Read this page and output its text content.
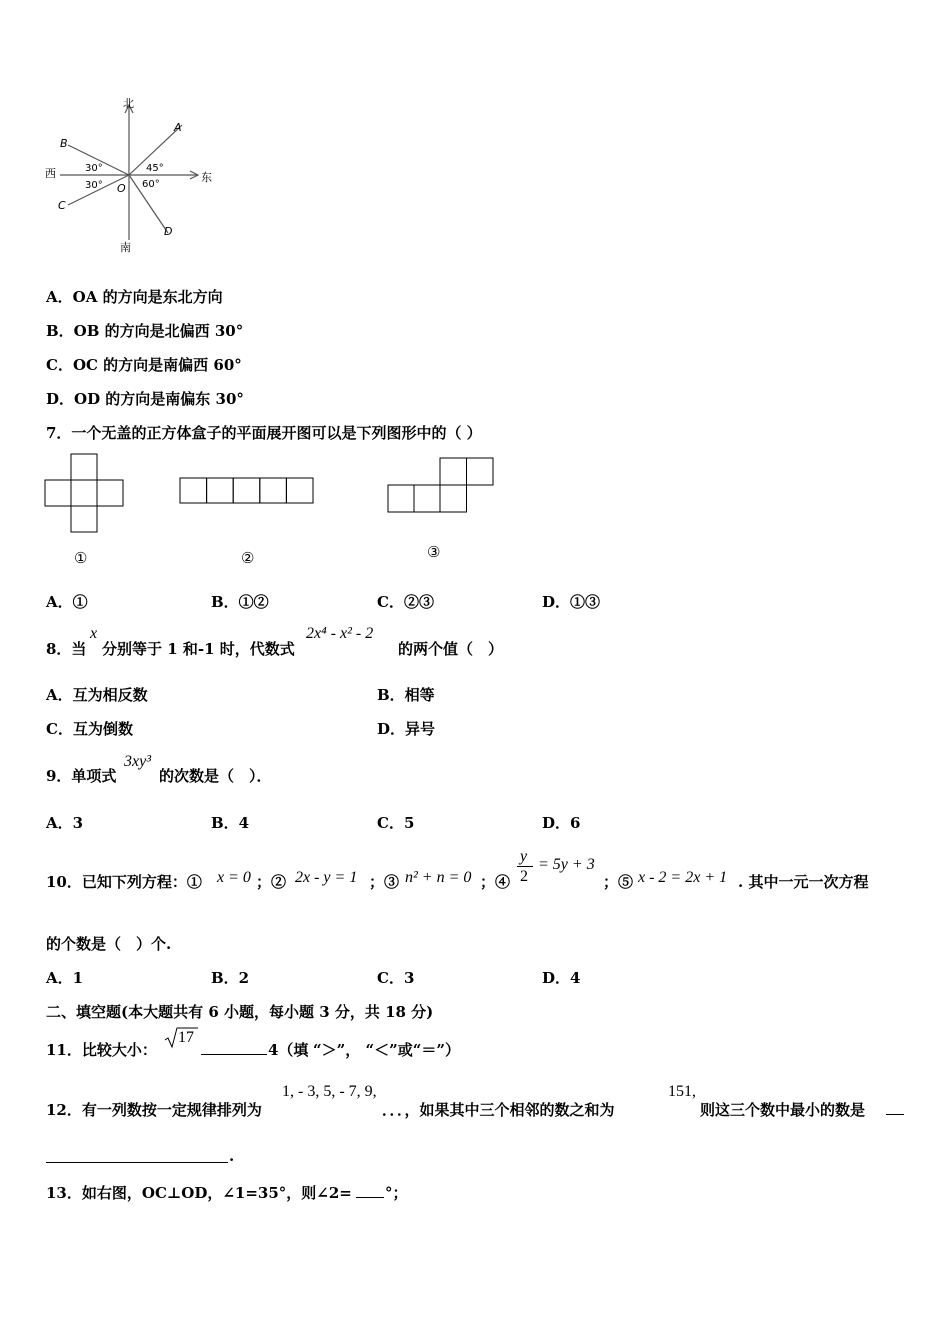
北
南
东
西
A
B
C
D
O
30°
30°
45°
60°
A．OA 的方向是东北方向
B．OB 的方向是北偏西 30°
C．OC 的方向是南偏西 60°
D．OD 的方向是南偏东 30°
7．一个无盖的正方体盒子的平面展开图可以是下列图形中的（ ）
①	②	③
A．①	B．①②	C．②③	D．①③
8．当
x
分别等于 1 和-1 时，代数式
2x⁴ - x² - 2
的两个值（　）
A．互为相反数	B．相等
C．互为倒数	D．异号
9．单项式
3xy³
的次数是（　）．
A．3	B．4	C．5	D．6
10．已知下列方程：① x = 0 ；② 2x - y = 1 ；③ n² + n = 0 ；④
y
2
= 5y + 3
；⑤ x - 2 = 2x + 1 . 其中一元一次方程
的个数是（　）个.
A．1	B．2	C．3	D．4
二、填空题(本大题共有 6 小题，每小题 3 分，共 18 分)
11．比较大小：
17
4（填 “＞”， “＜”或“＝”）
12．有一列数按一定规律排列为
1, - 3, 5, - 7, 9,
．．．，如果其中三个相邻的数之和为
151,
则这三个数中最小的数是
.
13．如右图，OC⊥OD，∠1=35°，则∠2= °；
